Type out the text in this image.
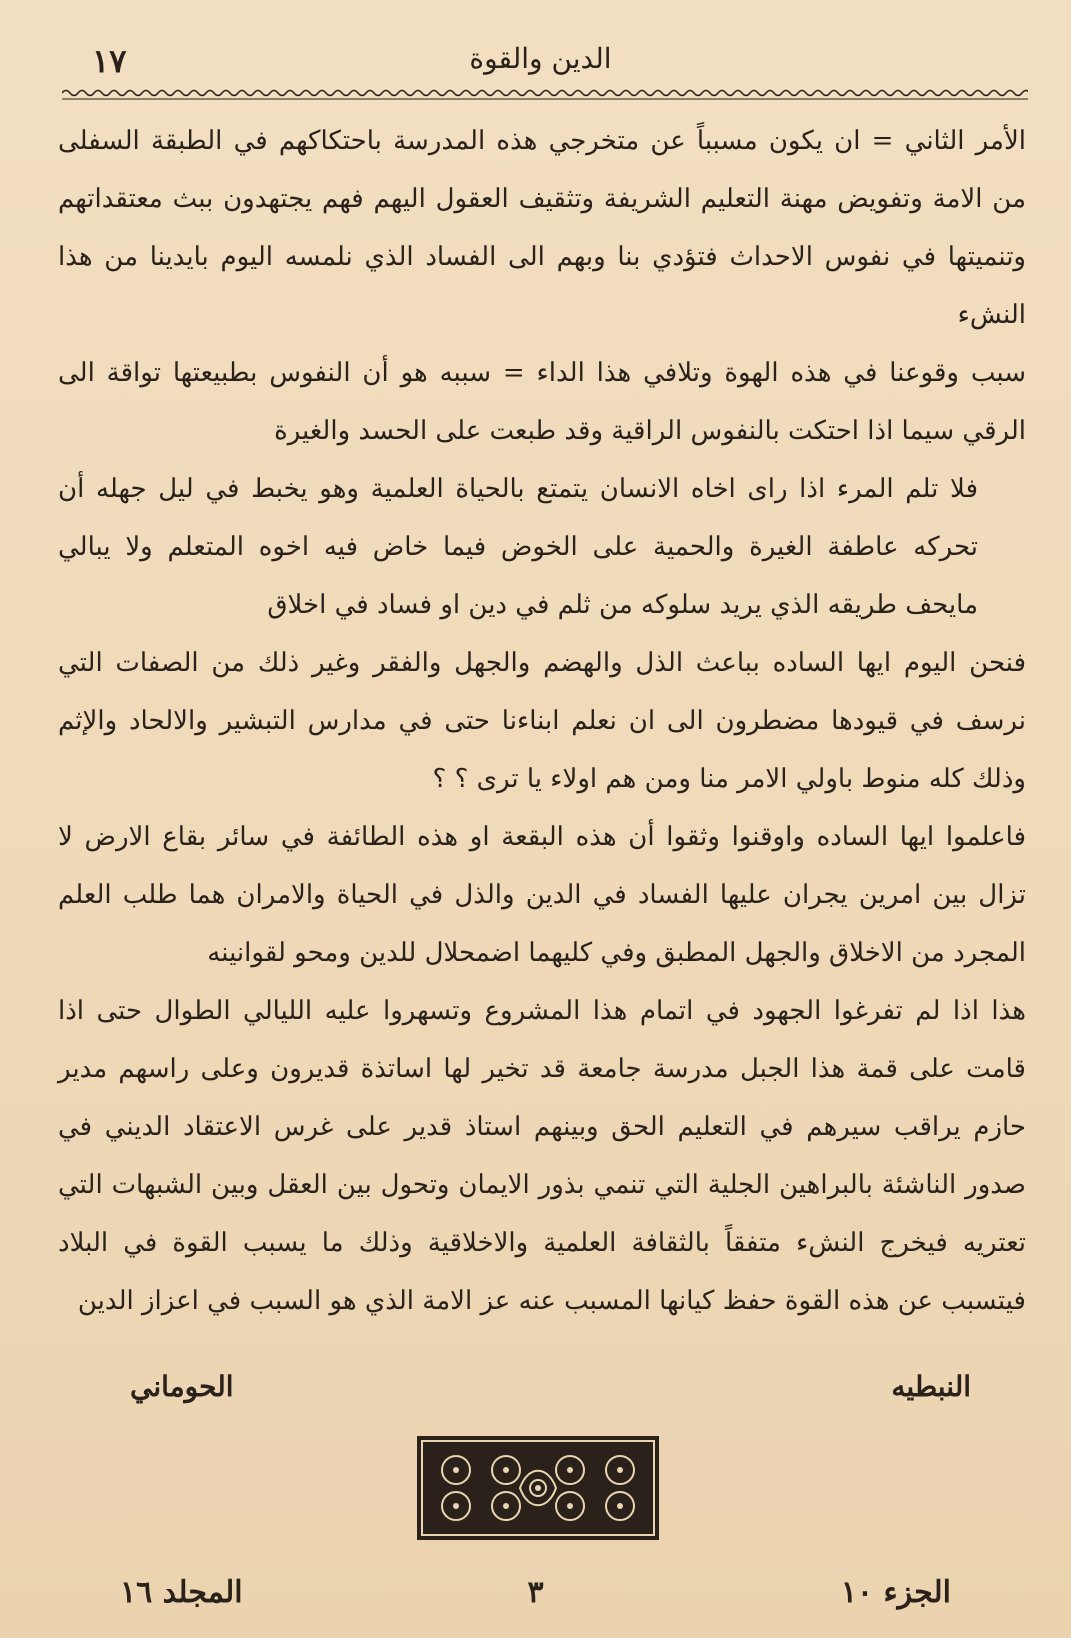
١٧	الدين والقوة

الأمر الثاني = ان يكون مسبباً عن متخرجي هذه المدرسة باحتكاكهم في الطبقة السفلى من الامة وتفويض مهنة التعليم الشريفة وتثقيف العقول اليهم فهم يجتهدون ببث معتقداتهم وتنميتها في نفوس الاحداث فتؤدي بنا وبهم الى الفساد الذي نلمسه اليوم بايدينا من هذا النشء

سبب وقوعنا في هذه الهوة وتلافي هذا الداء = سببه هو أن النفوس بطبيعتها تواقة الى الرقي سيما اذا احتكت بالنفوس الراقية وقد طبعت على الحسد والغيرة

فلا تلم المرء اذا راى اخاه الانسان يتمتع بالحياة العلمية وهو يخبط في ليل جهله أن تحركه عاطفة الغيرة والحمية على الخوض فيما خاض فيه اخوه المتعلم ولا يبالي مايحف طريقه الذي يريد سلوكه من ثلم في دين او فساد في اخلاق

فنحن اليوم ايها الساده بباعث الذل والهضم والجهل والفقر وغير ذلك من الصفات التي نرسف في قيودها مضطرون الى ان نعلم ابناءنا حتى في مدارس التبشير والالحاد والإثم وذلك كله منوط باولي الامر منا ومن هم اولاء يا ترى ؟ ؟

فاعلموا ايها الساده واوقنوا وثقوا أن هذه البقعة او هذه الطائفة في سائر بقاع الارض لا تزال بين امرين يجران عليها الفساد في الدين والذل في الحياة والامران هما طلب العلم المجرد من الاخلاق والجهل المطبق وفي كليهما اضمحلال للدين ومحو لقوانينه

هذا اذا لم تفرغوا الجهود في اتمام هذا المشروع وتسهروا عليه الليالي الطوال حتى اذا قامت على قمة هذا الجبل مدرسة جامعة قد تخير لها اساتذة قديرون وعلى راسهم مدير حازم يراقب سيرهم في التعليم الحق وبينهم استاذ قدير على غرس الاعتقاد الديني في صدور الناشئة بالبراهين الجلية التي تنمي بذور الايمان وتحول بين العقل وبين الشبهات التي تعتريه فيخرج النشء متفقاً بالثقافة العلمية والاخلاقية وذلك ما يسبب القوة في البلاد فيتسبب عن هذه القوة حفظ كيانها المسبب عنه عز الامة الذي هو السبب في اعزاز الدين

النبطيه
الحوماني
الجزء ١٠
٣
المجلد ١٦
